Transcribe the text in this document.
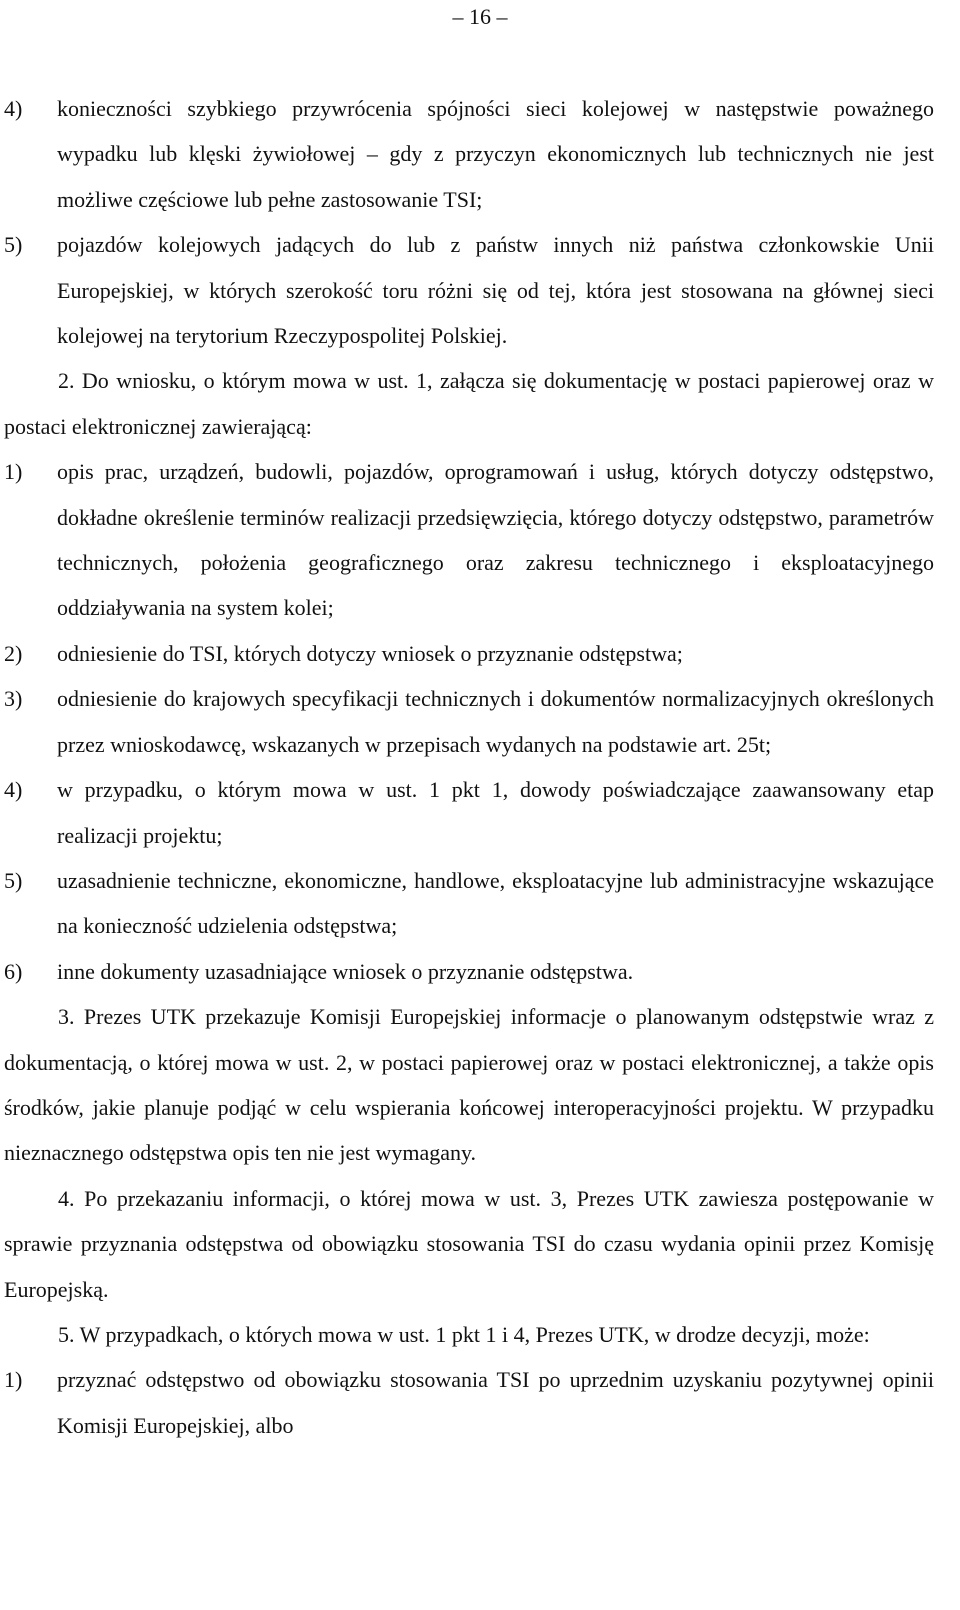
– 16 –
4) konieczności szybkiego przywrócenia spójności sieci kolejowej w następstwie poważnego wypadku lub klęski żywiołowej – gdy z przyczyn ekonomicznych lub technicznych nie jest możliwe częściowe lub pełne zastosowanie TSI;
5) pojazdów kolejowych jadących do lub z państw innych niż państwa członkowskie Unii Europejskiej, w których szerokość toru różni się od tej, która jest stosowana na głównej sieci kolejowej na terytorium Rzeczypospolitej Polskiej.
2. Do wniosku, o którym mowa w ust. 1, załącza się dokumentację w postaci papierowej oraz w postaci elektronicznej zawierającą:
1) opis prac, urządzeń, budowli, pojazdów, oprogramowań i usług, których dotyczy odstępstwo, dokładne określenie terminów realizacji przedsięwzięcia, którego dotyczy odstępstwo, parametrów technicznych, położenia geograficznego oraz zakresu technicznego i eksploatacyjnego oddziaływania na system kolei;
2) odniesienie do TSI, których dotyczy wniosek o przyznanie odstępstwa;
3) odniesienie do krajowych specyfikacji technicznych i dokumentów normalizacyjnych określonych przez wnioskodawcę, wskazanych w przepisach wydanych na podstawie art. 25t;
4) w przypadku, o którym mowa w ust. 1 pkt 1, dowody poświadczające zaawansowany etap realizacji projektu;
5) uzasadnienie techniczne, ekonomiczne, handlowe, eksploatacyjne lub administracyjne wskazujące na konieczność udzielenia odstępstwa;
6) inne dokumenty uzasadniające wniosek o przyznanie odstępstwa.
3. Prezes UTK przekazuje Komisji Europejskiej informacje o planowanym odstępstwie wraz z dokumentacją, o której mowa w ust. 2, w postaci papierowej oraz w postaci elektronicznej, a także opis środków, jakie planuje podjąć w celu wspierania końcowej interoperacyjności projektu. W przypadku nieznacznego odstępstwa opis ten nie jest wymagany.
4. Po przekazaniu informacji, o której mowa w ust. 3, Prezes UTK zawiesza postępowanie w sprawie przyznania odstępstwa od obowiązku stosowania TSI do czasu wydania opinii przez Komisję Europejską.
5. W przypadkach, o których mowa w ust. 1 pkt 1 i 4, Prezes UTK, w drodze decyzji, może:
1) przyznać odstępstwo od obowiązku stosowania TSI po uprzednim uzyskaniu pozytywnej opinii Komisji Europejskiej, albo
